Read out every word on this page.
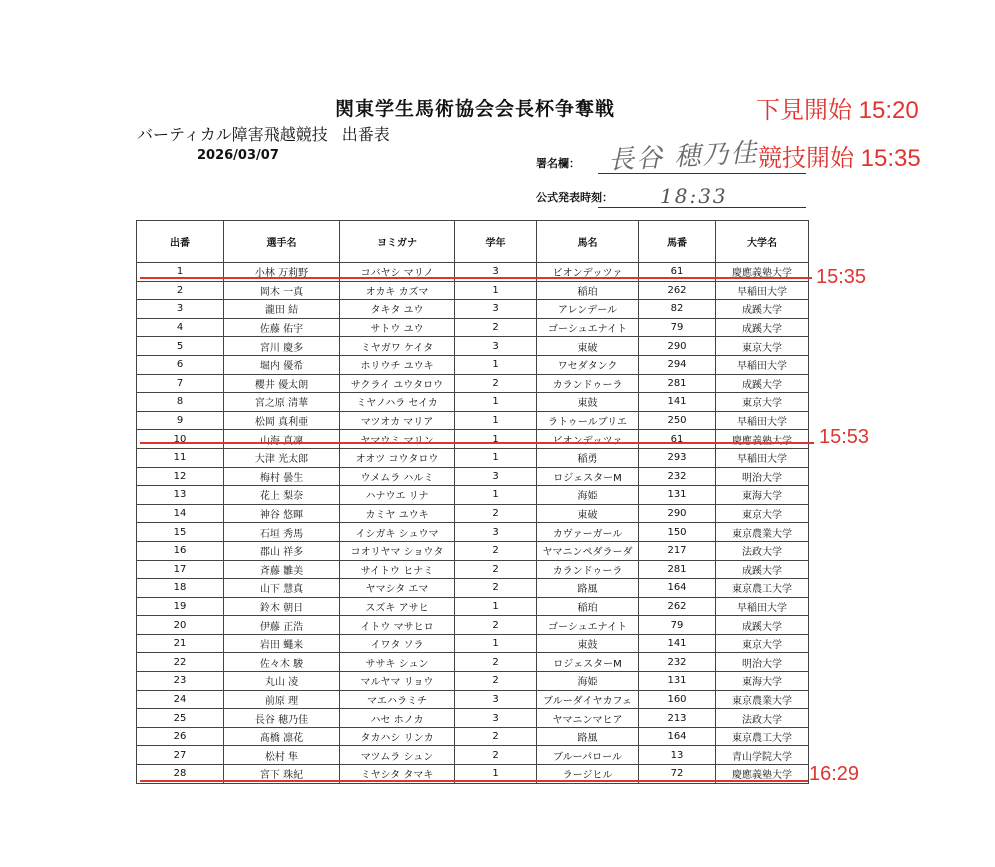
関東学生馬術協会会長杯争奪戦
バーティカル障害飛越競技 出番表
2026/03/07
署名欄： 長谷 穂乃佳
公式発表時刻： 18:33
下見開始 15:20
競技開始 15:35
出番	選手名	ヨミガナ	学年	馬名	馬番	大学名
1	小林 万莉野	コバヤシ マリノ	3	ビオンデッツァ	61	慶應義塾大学
2	岡木 一真	オカキ カズマ	1	稲珀	262	早稲田大学
3	瀧田 結	タキタ ユウ	3	アレンデール	82	成蹊大学
4	佐藤 佑宇	サトウ ユウ	2	ゴーシュエナイト	79	成蹊大学
5	宮川 慶多	ミヤガワ ケイタ	3	東破	290	東京大学
6	堀内 優希	ホリウチ ユウキ	1	ワセダタンク	294	早稲田大学
7	櫻井 優太朗	サクライ ユウタロウ	2	カランドゥーラ	281	成蹊大学
8	宮之原 清華	ミヤノハラ セイカ	1	東鼓	141	東京大学
9	松岡 真利亜	マツオカ マリア	1	ラトゥールブリエ	250	早稲田大学
10	山海 真凜	ヤマウミ マリン	1	ビオンデッツァ	61	慶應義塾大学
11	大津 光太郎	オオツ コウタロウ	1	稲勇	293	早稲田大学
12	梅村 曇生	ウメムラ ハルミ	3	ロジェスターM	232	明治大学
13	花上 梨奈	ハナウエ リナ	1	海姫	131	東海大学
14	神谷 悠暉	カミヤ ユウキ	2	東破	290	東京大学
15	石垣 秀馬	イシガキ シュウマ	3	カヴァーガール	150	東京農業大学
16	郡山 祥多	コオリヤマ ショウタ	2	ヤマニンペダラーダ	217	法政大学
17	斉藤 雛美	サイトウ ヒナミ	2	カランドゥーラ	281	成蹊大学
18	山下 慧真	ヤマシタ エマ	2	路風	164	東京農工大学
19	鈴木 朝日	スズキ アサヒ	1	稲珀	262	早稲田大学
20	伊藤 正浩	イトウ マサヒロ	2	ゴーシュエナイト	79	成蹊大学
21	岩田 蠅来	イワタ ソラ	1	東鼓	141	東京大学
22	佐々木 駿	ササキ シュン	2	ロジェスターM	232	明治大学
23	丸山 凌	マルヤマ リョウ	2	海姫	131	東海大学
24	前原 理	マエハラミチ	3	ブルーダイヤカフェ	160	東京農業大学
25	長谷 穂乃佳	ハセ ホノカ	3	ヤマニンマヒア	213	法政大学
26	髙橋 凛花	タカハシ リンカ	2	路風	164	東京農工大学
27	松村 隼	マツムラ シュン	2	ブルーパロール	13	青山学院大学
28	宮下 珠紀	ミヤシタ タマキ	1	ラージヒル	72	慶應義塾大学
15:35
15:53
16:29
